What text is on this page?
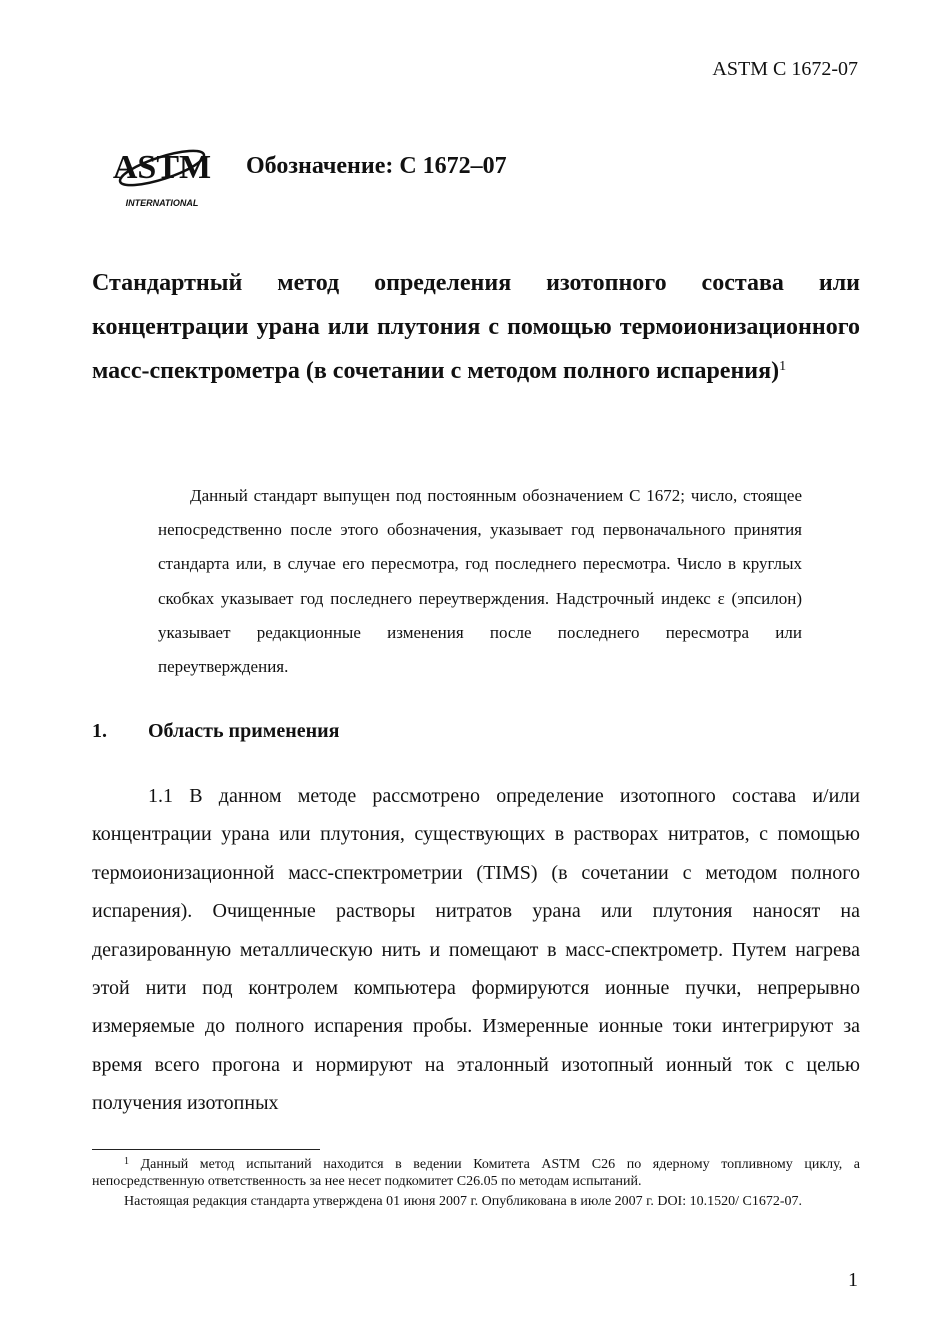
ASTM C 1672-07
ASTM
INTERNATIONAL
Обозначение: C 1672–07

Стандартный метод определения изотопного состава или концентрации урана или плутония с помощью термоионизационного масс-спектрометра (в сочетании с методом полного испарения)$^1$

Данный стандарт выпущен под постоянным обозначением С 1672; число, стоящее непосредственно после этого обозначения, указывает год первоначального принятия стандарта или, в случае его пересмотра, год последнего пересмотра. Число в круглых скобках указывает год последнего переутверждения. Надстрочный индекс ε (эпсилон) указывает редакционные изменения после последнего пересмотра или переутверждения.

1. Область применения

1.1 В данном методе рассмотрено определение изотопного состава и/или концентрации урана или плутония, существующих в растворах нитратов, с помощью термоионизационной масс-спектрометрии (TIMS) (в сочетании с методом полного испарения). Очищенные растворы нитратов урана или плутония наносят на дегазированную металлическую нить и помещают в масс-спектрометр. Путем нагрева этой нити под контролем компьютера формируются ионные пучки, непрерывно измеряемые до полного испарения пробы. Измеренные ионные токи интегрируют за время всего прогона и нормируют на эталонный изотопный ионный ток с целью получения изотопных

$^1$ Данный метод испытаний находится в ведении Комитета ASTM C26 по ядерному топливному циклу, а непосредственную ответственность за нее несет подкомитет C26.05 по методам испытаний.

Настоящая редакция стандарта утверждена 01 июня 2007 г. Опубликована в июле 2007 г. DOI: 10.1520/ C1672-07.

1
